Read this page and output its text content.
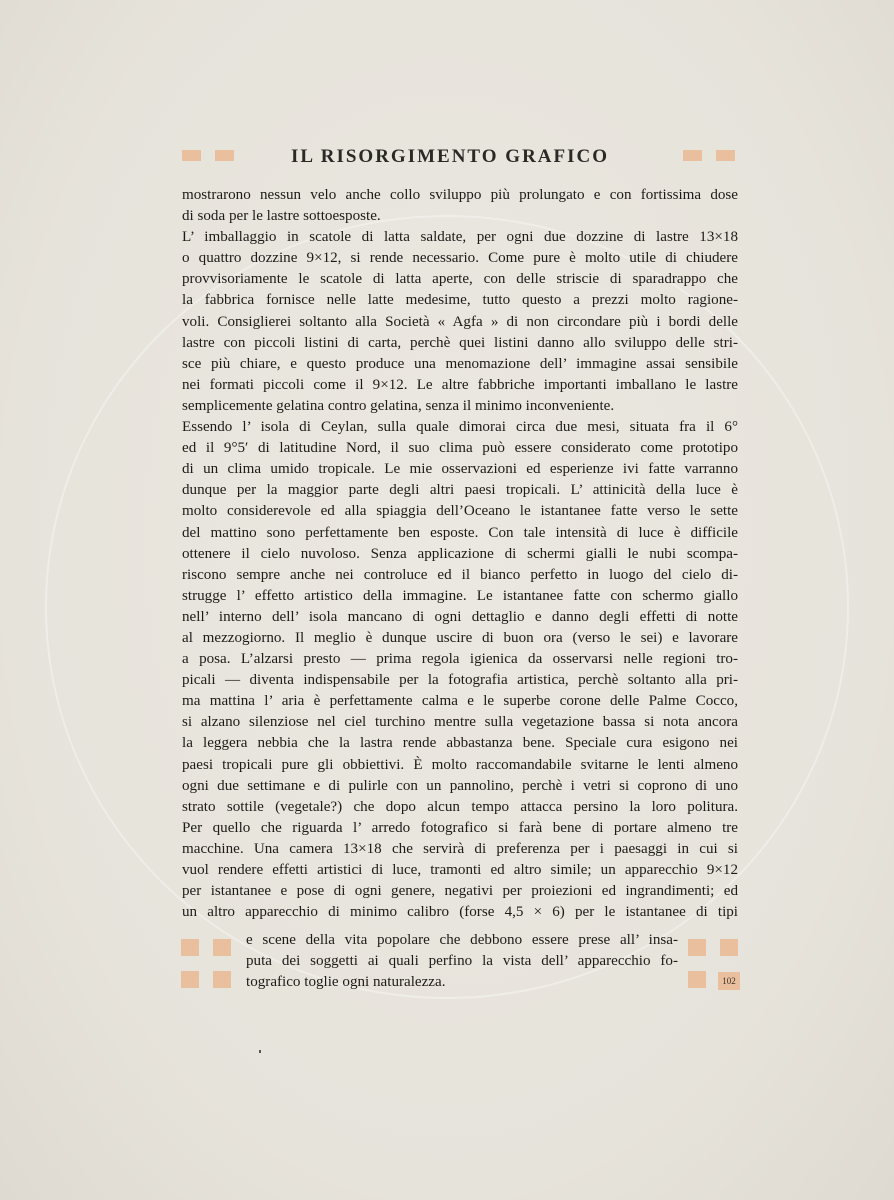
IL RISORGIMENTO GRAFICO
mostrarono nessun velo anche collo sviluppo più prolungato e con fortissima dose
di soda per le lastre sottoesposte.
L’ imballaggio in scatole di latta saldate, per ogni due dozzine di lastre 13×18
o quattro dozzine 9×12, si rende necessario. Come pure è molto utile di chiudere
provvisoriamente le scatole di latta aperte, con delle striscie di sparadrappo che
la fabbrica fornisce nelle latte medesime, tutto questo a prezzi molto ragione-
voli. Consiglierei soltanto alla Società « Agfa » di non circondare più i bordi delle
lastre con piccoli listini di carta, perchè quei listini danno allo sviluppo delle stri-
sce più chiare, e questo produce una menomazione dell’ immagine assai sensibile
nei formati piccoli come il 9×12. Le altre fabbriche importanti imballano le lastre
semplicemente gelatina contro gelatina, senza il minimo inconveniente.
Essendo l’ isola di Ceylan, sulla quale dimorai circa due mesi, situata fra il 6°
ed il 9°5′ di latitudine Nord, il suo clima può essere considerato come prototipo
di un clima umido tropicale. Le mie osservazioni ed esperienze ivi fatte varranno
dunque per la maggior parte degli altri paesi tropicali. L’ attinicità della luce è
molto considerevole ed alla spiaggia dell’Oceano le istantanee fatte verso le sette
del mattino sono perfettamente ben esposte. Con tale intensità di luce è difficile
ottenere il cielo nuvoloso. Senza applicazione di schermi gialli le nubi scompa-
riscono sempre anche nei controluce ed il bianco perfetto in luogo del cielo di-
strugge l’ effetto artistico della immagine. Le istantanee fatte con schermo giallo
nell’ interno dell’ isola mancano di ogni dettaglio e danno degli effetti di notte
al mezzogiorno. Il meglio è dunque uscire di buon ora (verso le sei) e lavorare
a posa. L’alzarsi presto — prima regola igienica da osservarsi nelle regioni tro-
picali — diventa indispensabile per la fotografia artistica, perchè soltanto alla pri-
ma mattina l’ aria è perfettamente calma e le superbe corone delle Palme Cocco,
si alzano silenziose nel ciel turchino mentre sulla vegetazione bassa si nota ancora
la leggera nebbia che la lastra rende abbastanza bene. Speciale cura esigono nei
paesi tropicali pure gli obbiettivi. È molto raccomandabile svitarne le lenti almeno
ogni due settimane e di pulirle con un pannolino, perchè i vetri si coprono di uno
strato sottile (vegetale?) che dopo alcun tempo attacca persino la loro politura.
Per quello che riguarda l’ arredo fotografico si farà bene di portare almeno tre
macchine. Una camera 13×18 che servirà di preferenza per i paesaggi in cui si
vuol rendere effetti artistici di luce, tramonti ed altro simile; un apparecchio 9×12
per istantanee e pose di ogni genere, negativi per proiezioni ed ingrandimenti; ed
un altro apparecchio di minimo calibro (forse 4,5 × 6) per le istantanee di tipi
e scene della vita popolare che debbono essere prese all’ insa-
puta dei soggetti ai quali perfino la vista dell’ apparecchio fo-
tografico toglie ogni naturalezza.	102
